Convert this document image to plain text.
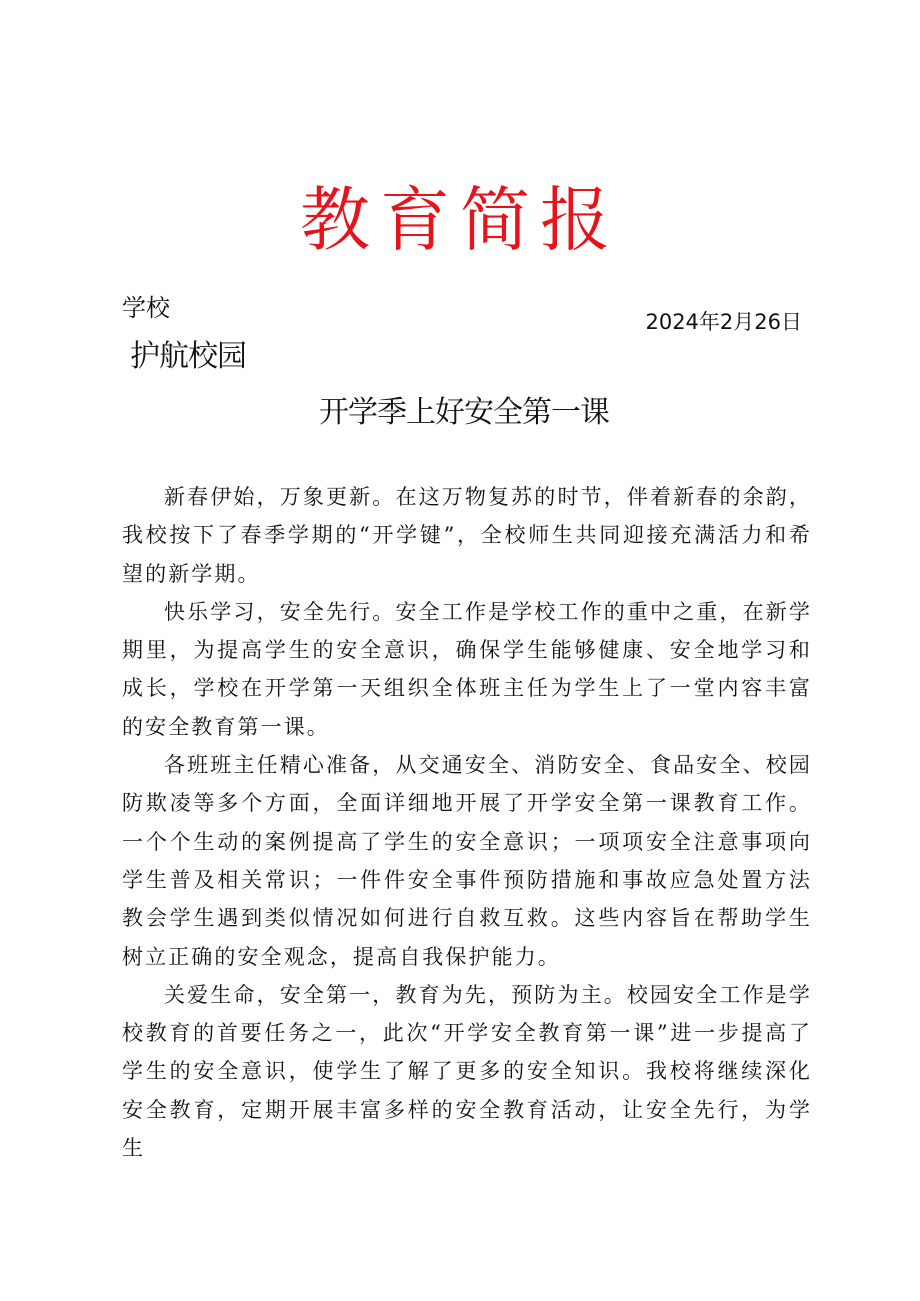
教育简报
学校	2024年2月26日
护航校园
开学季上好安全第一课

新春伊始，万象更新。在这万物复苏的时节，伴着新春的余韵，我校按下了春季学期的“开学键”，全校师生共同迎接充满活力和希望的新学期。

快乐学习，安全先行。安全工作是学校工作的重中之重，在新学期里，为提高学生的安全意识，确保学生能够健康、安全地学习和成长，学校在开学第一天组织全体班主任为学生上了一堂内容丰富的安全教育第一课。

各班班主任精心准备，从交通安全、消防安全、食品安全、校园防欺凌等多个方面，全面详细地开展了开学安全第一课教育工作。一个个生动的案例提高了学生的安全意识；一项项安全注意事项向学生普及相关常识；一件件安全事件预防措施和事故应急处置方法教会学生遇到类似情况如何进行自救互救。这些内容旨在帮助学生树立正确的安全观念，提高自我保护能力。

关爱生命，安全第一，教育为先，预防为主。校园安全工作是学校教育的首要任务之一，此次“开学安全教育第一课”进一步提高了学生的安全意识，使学生了解了更多的安全知识。我校将继续深化安全教育，定期开展丰富多样的安全教育活动，让安全先行，为学生
